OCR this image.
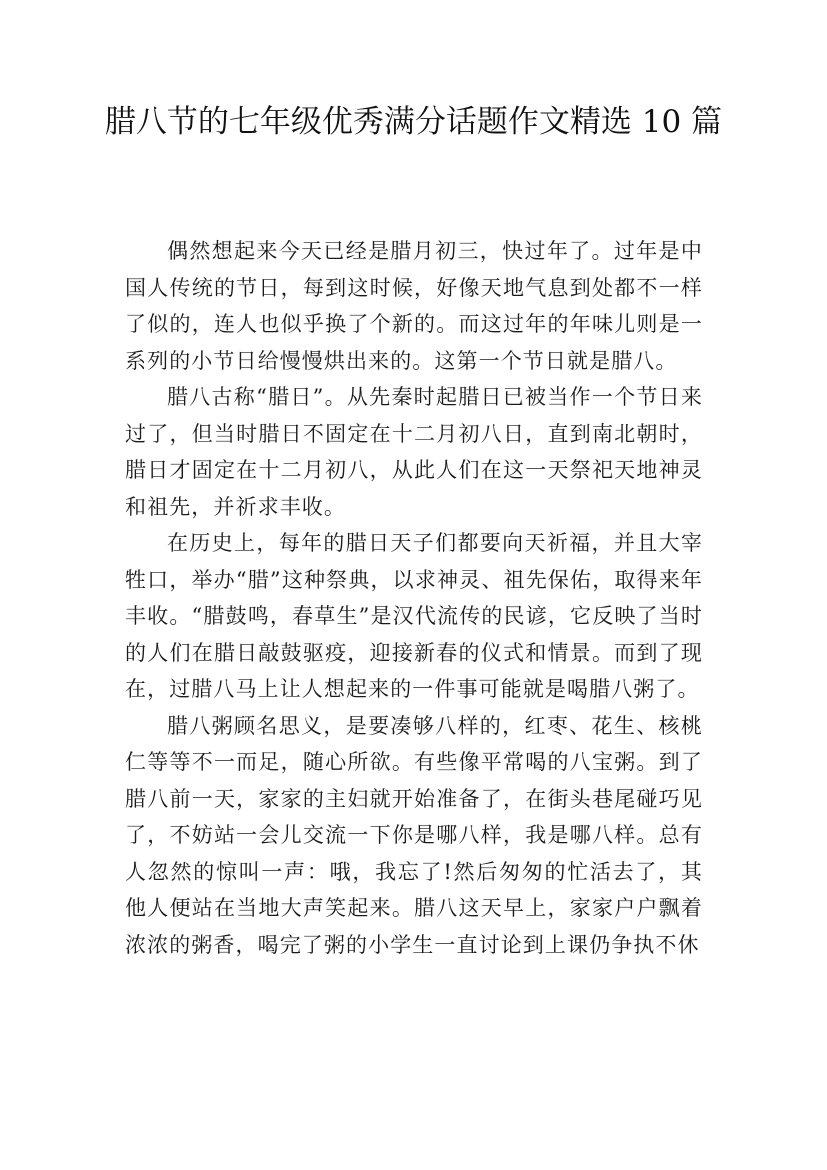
腊八节的七年级优秀满分话题作文精选 10 篇

偶然想起来今天已经是腊月初三，快过年了。过年是中国人传统的节日，每到这时候，好像天地气息到处都不一样了似的，连人也似乎换了个新的。而这过年的年味儿则是一系列的小节日给慢慢烘出来的。这第一个节日就是腊八。

腊八古称“腊日”。从先秦时起腊日已被当作一个节日来过了，但当时腊日不固定在十二月初八日，直到南北朝时，腊日才固定在十二月初八，从此人们在这一天祭祀天地神灵和祖先，并祈求丰收。

在历史上，每年的腊日天子们都要向天祈福，并且大宰牲口，举办“腊”这种祭典，以求神灵、祖先保佑，取得来年丰收。“腊鼓鸣，春草生”是汉代流传的民谚，它反映了当时的人们在腊日敲鼓驱疫，迎接新春的仪式和情景。而到了现在，过腊八马上让人想起来的一件事可能就是喝腊八粥了。

腊八粥顾名思义，是要凑够八样的，红枣、花生、核桃仁等等不一而足，随心所欲。有些像平常喝的八宝粥。到了腊八前一天，家家的主妇就开始准备了，在街头巷尾碰巧见了，不妨站一会儿交流一下你是哪八样，我是哪八样。总有人忽然的惊叫一声：哦，我忘了!然后匆匆的忙活去了，其他人便站在当地大声笑起来。腊八这天早上，家家户户飘着浓浓的粥香，喝完了粥的小学生一直讨论到上课仍争执不休
